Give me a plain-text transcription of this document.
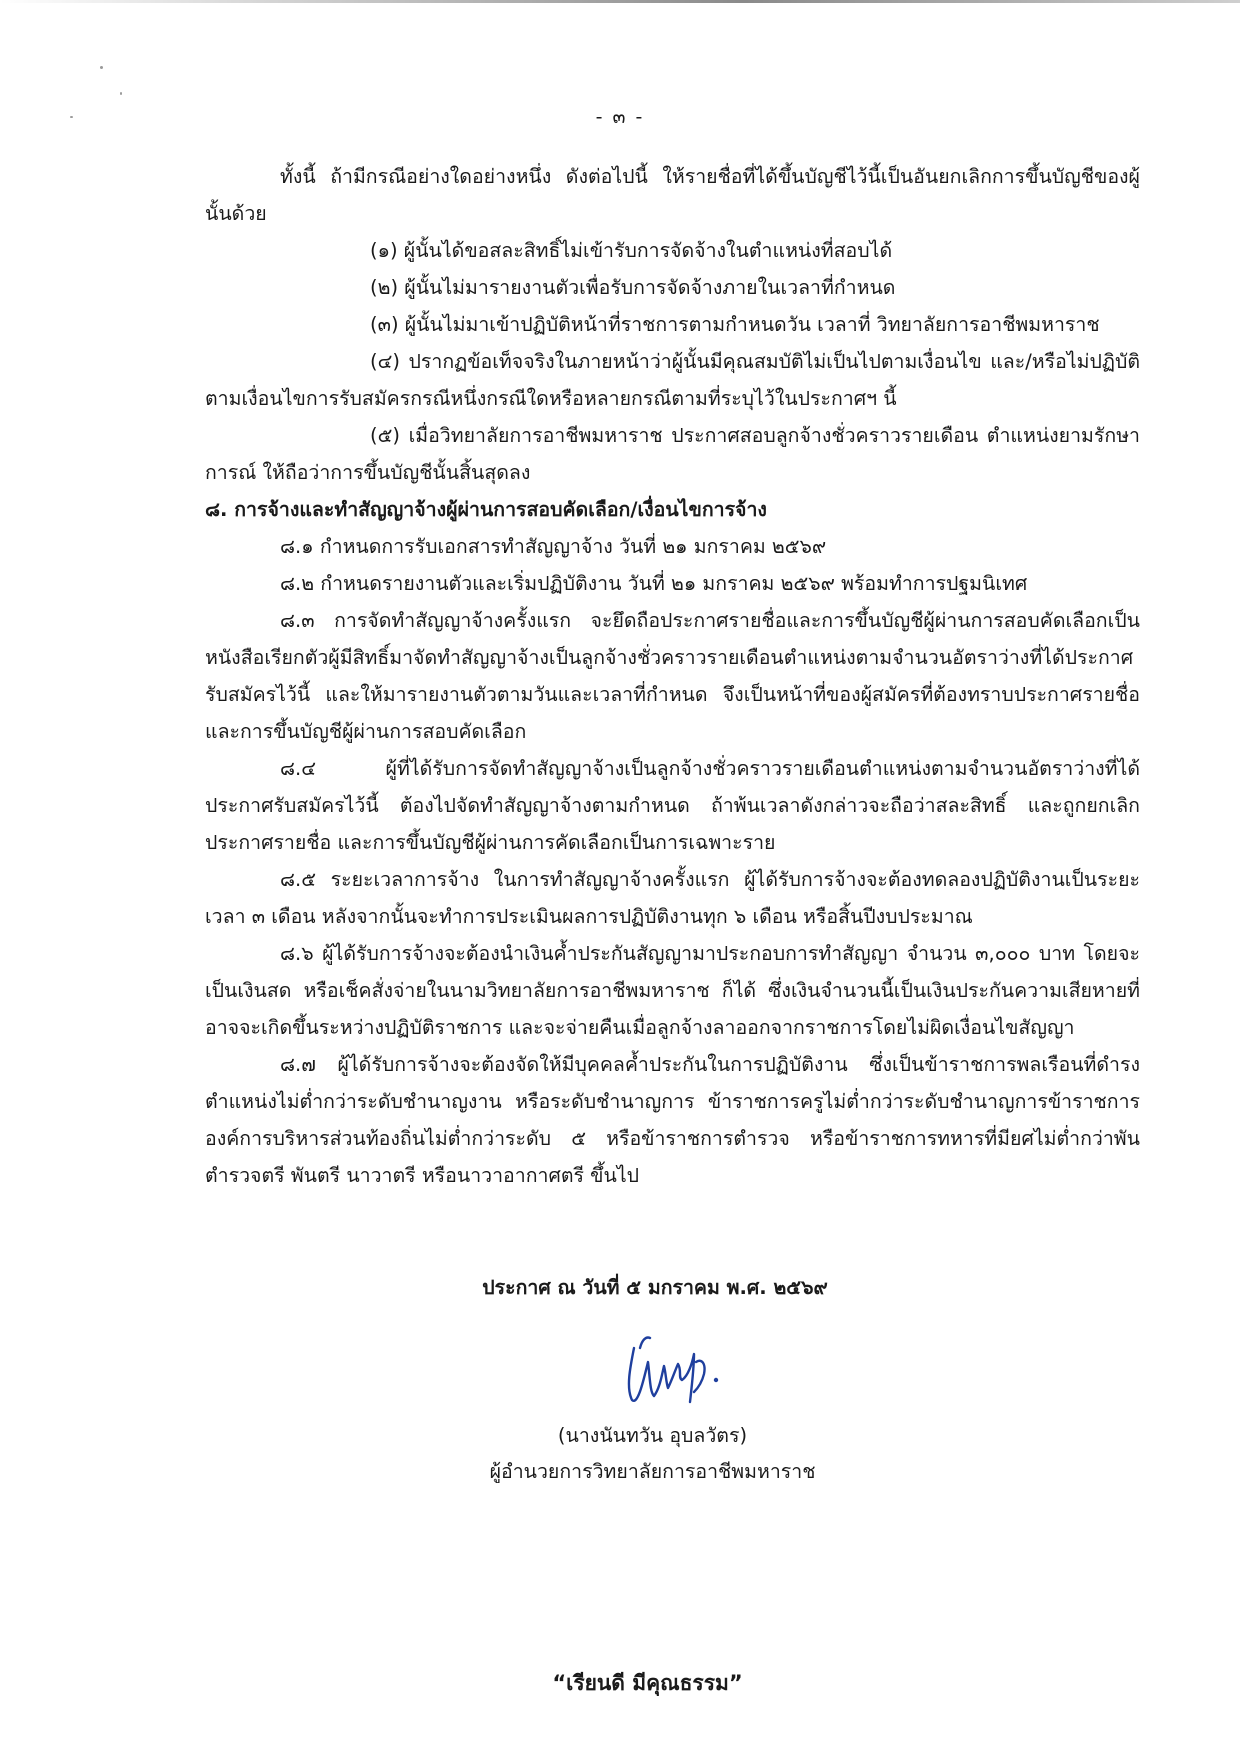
- ๓ -

ทั้งนี้ ถ้ามีกรณีอย่างใดอย่างหนึ่ง ดังต่อไปนี้ ให้รายชื่อที่ได้ขึ้นบัญชีไว้นี้เป็นอันยกเลิกการขึ้นบัญชีของผู้นั้นด้วย

(๑) ผู้นั้นได้ขอสละสิทธิ์ไม่เข้ารับการจัดจ้างในตำแหน่งที่สอบได้

(๒) ผู้นั้นไม่มารายงานตัวเพื่อรับการจัดจ้างภายในเวลาที่กำหนด

(๓) ผู้นั้นไม่มาเข้าปฏิบัติหน้าที่ราชการตามกำหนดวัน เวลาที่ วิทยาลัยการอาชีพมหาราช

(๔) ปรากฏข้อเท็จจริงในภายหน้าว่าผู้นั้นมีคุณสมบัติไม่เป็นไปตามเงื่อนไข และ/หรือไม่ปฏิบัติตามเงื่อนไขการรับสมัครกรณีหนึ่งกรณีใดหรือหลายกรณีตามที่ระบุไว้ในประกาศฯ นี้

(๕) เมื่อวิทยาลัยการอาชีพมหาราช ประกาศสอบลูกจ้างชั่วคราวรายเดือน ตำแหน่งยามรักษาการณ์ ให้ถือว่าการขึ้นบัญชีนั้นสิ้นสุดลง

๘. การจ้างและทำสัญญาจ้างผู้ผ่านการสอบคัดเลือก/เงื่อนไขการจ้าง

๘.๑ กำหนดการรับเอกสารทำสัญญาจ้าง วันที่ ๒๑ มกราคม ๒๕๖๙

๘.๒ กำหนดรายงานตัวและเริ่มปฏิบัติงาน วันที่ ๒๑ มกราคม ๒๕๖๙ พร้อมทำการปฐมนิเทศ

๘.๓ การจัดทำสัญญาจ้างครั้งแรก จะยึดถือประกาศรายชื่อและการขึ้นบัญชีผู้ผ่านการสอบคัดเลือกเป็นหนังสือเรียกตัวผู้มีสิทธิ์มาจัดทำสัญญาจ้างเป็นลูกจ้างชั่วคราวรายเดือนตำแหน่งตามจำนวนอัตราว่างที่ได้ประกาศรับสมัครไว้นี้ และให้มารายงานตัวตามวันและเวลาที่กำหนด จึงเป็นหน้าที่ของผู้สมัครที่ต้องทราบประกาศรายชื่อ และการขึ้นบัญชีผู้ผ่านการสอบคัดเลือก

๘.๔ ผู้ที่ได้รับการจัดทำสัญญาจ้างเป็นลูกจ้างชั่วคราวรายเดือนตำแหน่งตามจำนวนอัตราว่างที่ได้ประกาศรับสมัครไว้นี้ ต้องไปจัดทำสัญญาจ้างตามกำหนด ถ้าพ้นเวลาดังกล่าวจะถือว่าสละสิทธิ์ และถูกยกเลิกประกาศรายชื่อ และการขึ้นบัญชีผู้ผ่านการคัดเลือกเป็นการเฉพาะราย

๘.๕ ระยะเวลาการจ้าง ในการทำสัญญาจ้างครั้งแรก ผู้ได้รับการจ้างจะต้องทดลองปฏิบัติงานเป็นระยะเวลา ๓ เดือน หลังจากนั้นจะทำการประเมินผลการปฏิบัติงานทุก ๖ เดือน หรือสิ้นปีงบประมาณ

๘.๖ ผู้ได้รับการจ้างจะต้องนำเงินค้ำประกันสัญญามาประกอบการทำสัญญา จำนวน ๓,๐๐๐ บาท โดยจะเป็นเงินสด หรือเช็คสั่งจ่ายในนามวิทยาลัยการอาชีพมหาราช ก็ได้ ซึ่งเงินจำนวนนี้เป็นเงินประกันความเสียหายที่อาจจะเกิดขึ้นระหว่างปฏิบัติราชการ และจะจ่ายคืนเมื่อลูกจ้างลาออกจากราชการโดยไม่ผิดเงื่อนไขสัญญา

๘.๗ ผู้ได้รับการจ้างจะต้องจัดให้มีบุคคลค้ำประกันในการปฏิบัติงาน ซึ่งเป็นข้าราชการพลเรือนที่ดำรงตำแหน่งไม่ต่ำกว่าระดับชำนาญงาน หรือระดับชำนาญการ ข้าราชการครูไม่ต่ำกว่าระดับชำนาญการข้าราชการองค์การบริหารส่วนท้องถิ่นไม่ต่ำกว่าระดับ ๕ หรือข้าราชการตำรวจ หรือข้าราชการทหารที่มียศไม่ต่ำกว่าพันตำรวจตรี พันตรี นาวาตรี หรือนาวาอากาศตรี ขึ้นไป

ประกาศ ณ วันที่ ๕ มกราคม พ.ศ. ๒๕๖๙
(นางนันทวัน อุบลวัตร)
ผู้อำนวยการวิทยาลัยการอาชีพมหาราช
“เรียนดี มีคุณธรรม”
